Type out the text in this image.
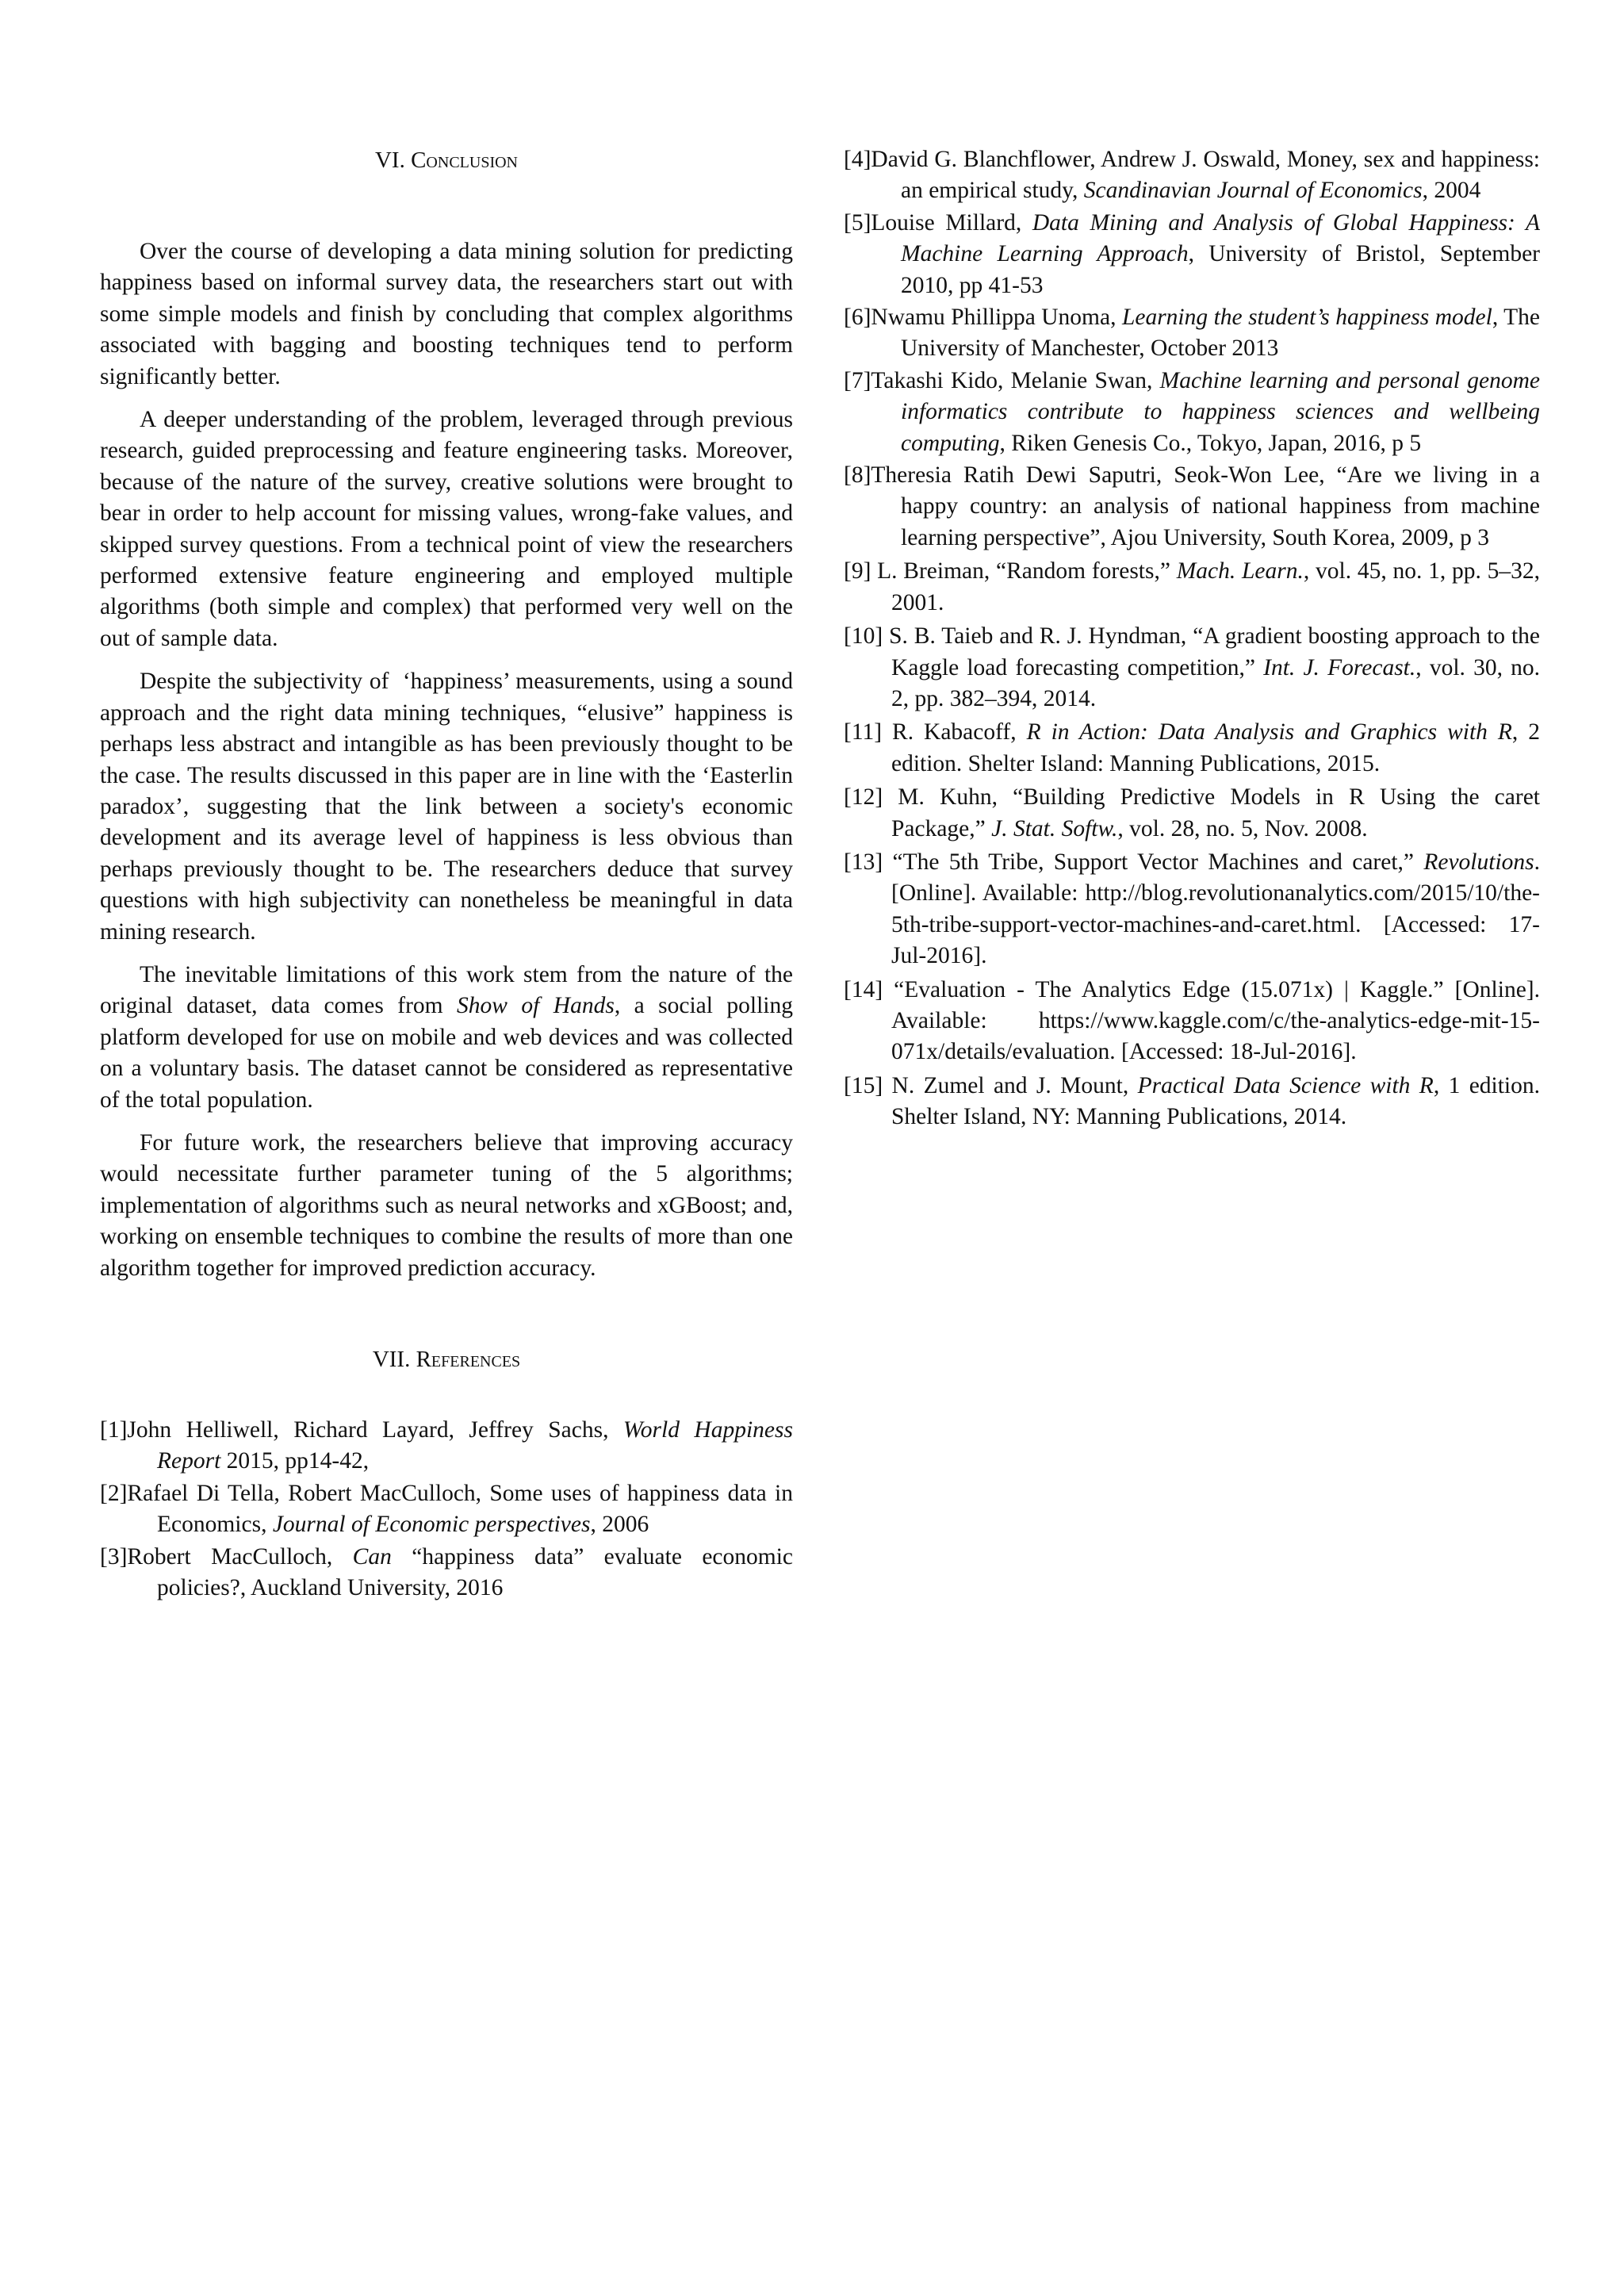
VI. Conclusion

Over the course of developing a data mining solution for predicting happiness based on informal survey data, the researchers start out with some simple models and finish by concluding that complex algorithms associated with bagging and boosting techniques tend to perform significantly better.

A deeper understanding of the problem, leveraged through previous research, guided preprocessing and feature engineering tasks. Moreover, because of the nature of the survey, creative solutions were brought to bear in order to help account for missing values, wrong-fake values, and skipped survey questions. From a technical point of view the researchers performed extensive feature engineering and employed multiple algorithms (both simple and complex) that performed very well on the out of sample data.

Despite the subjectivity of  ‘happiness’ measurements, using a sound approach and the right data mining techniques, “elusive” happiness is perhaps less abstract and intangible as has been previously thought to be the case. The results discussed in this paper are in line with the ‘Easterlin paradox’, suggesting that the link between a society's economic development and its average level of happiness is less obvious than perhaps previously thought to be. The researchers deduce that survey questions with high subjectivity can nonetheless be meaningful in data mining research.

The inevitable limitations of this work stem from the nature of the original dataset, data comes from Show of Hands, a social polling platform developed for use on mobile and web devices and was collected on a voluntary basis. The dataset cannot be considered as representative of the total population.

For future work, the researchers believe that improving accuracy would necessitate further parameter tuning of the 5 algorithms; implementation of algorithms such as neural networks and xGBoost; and, working on ensemble techniques to combine the results of more than one algorithm together for improved prediction accuracy.

VII. References
[1]John Helliwell, Richard Layard, Jeffrey Sachs, World Happiness Report 2015, pp14-42,
[2]Rafael Di Tella, Robert MacCulloch, Some uses of happiness data in Economics, Journal of Economic perspectives, 2006
[3]Robert MacCulloch, Can “happiness data” evaluate economic policies?, Auckland University, 2016
[4]David G. Blanchflower, Andrew J. Oswald, Money, sex and happiness: an empirical study, Scandinavian Journal of Economics, 2004
[5]Louise Millard, Data Mining and Analysis of Global Happiness: A Machine Learning Approach, University of Bristol, September 2010, pp 41-53
[6]Nwamu Phillippa Unoma, Learning the student’s happiness model, The University of Manchester, October 2013
[7]Takashi Kido, Melanie Swan, Machine learning and personal genome informatics contribute to happiness sciences and wellbeing computing, Riken Genesis Co., Tokyo, Japan, 2016, p 5
[8]Theresia Ratih Dewi Saputri, Seok-Won Lee, “Are we living in a happy country: an analysis of national happiness from machine learning perspective”, Ajou University, South Korea, 2009, p 3
[9] L. Breiman, “Random forests,” Mach. Learn., vol. 45, no. 1, pp. 5–32, 2001.
[10] S. B. Taieb and R. J. Hyndman, “A gradient boosting approach to the Kaggle load forecasting competition,” Int. J. Forecast., vol. 30, no. 2, pp. 382–394, 2014.
[11] R. Kabacoff, R in Action: Data Analysis and Graphics with R, 2 edition. Shelter Island: Manning Publications, 2015.
[12] M. Kuhn, “Building Predictive Models in R Using the caret Package,” J. Stat. Softw., vol. 28, no. 5, Nov. 2008.
[13] “The 5th Tribe, Support Vector Machines and caret,” Revolutions. [Online]. Available: http://blog.revolutionanalytics.com/2015/10/the-5th-tribe-support-vector-machines-and-caret.html. [Accessed: 17-Jul-2016].
[14] “Evaluation - The Analytics Edge (15.071x) | Kaggle.” [Online]. Available: https://www.kaggle.com/c/the-analytics-edge-mit-15-071x/details/evaluation. [Accessed: 18-Jul-2016].
[15] N. Zumel and J. Mount, Practical Data Science with R, 1 edition. Shelter Island, NY: Manning Publications, 2014.
